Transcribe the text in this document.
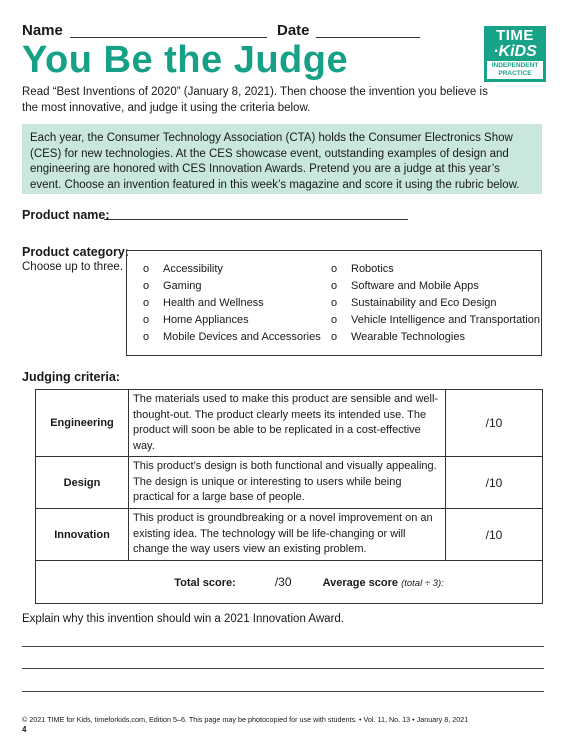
Name	Date
You Be the Judge
TIME
·KiDS
INDEPENDENT PRACTICE
Read “Best Inventions of 2020” (January 8, 2021). Then choose the invention you believe is the most innovative, and judge it using the criteria below.
Each year, the Consumer Technology Association (CTA) holds the Consumer Electronics Show (CES) for new technologies. At the CES showcase event, outstanding examples of design and engineering are honored with CES Innovation Awards. Pretend you are a judge at this year’s event. Choose an invention featured in this week’s magazine and score it using the rubric below.
Product name:
Product category:
Choose up to three. o Accessibility
o Gaming
o Health and Wellness
o Home Appliances
o Mobile Devices and Accessories
o Robotics
o Software and Mobile Apps
o Sustainability and Eco Design
o Vehicle Intelligence and Transportation
o Wearable Technologies
Judging criteria:
Engineering	The materials used to make this product are sensible and well-thought-out. The product clearly meets its intended use. The product will soon be able to be replicated in a cost-effective way.	/10
Design	This product’s design is both functional and visually appealing. The design is unique or interesting to users while being practical for a large base of people.	/10
Innovation	This product is groundbreaking or a novel improvement on an existing idea. The technology will be life-changing or will change the way users view an existing problem.	/10
Total score: /30 Average score (total ÷ 3):		
Explain why this invention should win a 2021 Innovation Award.
© 2021 TIME for Kids, timeforkids.com, Edition 5–6. This page may be photocopied for use with students. • Vol. 11, No. 13 • January 8, 2021
4
